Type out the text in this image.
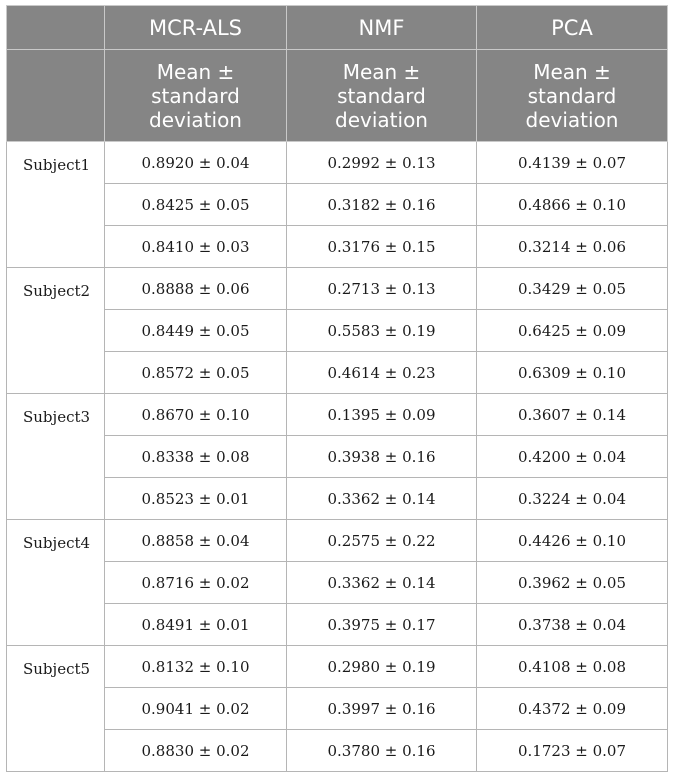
	MCR-ALS	NMF	PCA
	Mean ±
standard
deviation	Mean ±
standard
deviation	Mean ±
standard
deviation
Subject1	0.8920 ± 0.04	0.2992 ± 0.13	0.4139 ± 0.07
	0.8425 ± 0.05	0.3182 ± 0.16	0.4866 ± 0.10
	0.8410 ± 0.03	0.3176 ± 0.15	0.3214 ± 0.06
Subject2	0.8888 ± 0.06	0.2713 ± 0.13	0.3429 ± 0.05
	0.8449 ± 0.05	0.5583 ± 0.19	0.6425 ± 0.09
	0.8572 ± 0.05	0.4614 ± 0.23	0.6309 ± 0.10
Subject3	0.8670 ± 0.10	0.1395 ± 0.09	0.3607 ± 0.14
	0.8338 ± 0.08	0.3938 ± 0.16	0.4200 ± 0.04
	0.8523 ± 0.01	0.3362 ± 0.14	0.3224 ± 0.04
Subject4	0.8858 ± 0.04	0.2575 ± 0.22	0.4426 ± 0.10
	0.8716 ± 0.02	0.3362 ± 0.14	0.3962 ± 0.05
	0.8491 ± 0.01	0.3975 ± 0.17	0.3738 ± 0.04
Subject5	0.8132 ± 0.10	0.2980 ± 0.19	0.4108 ± 0.08
	0.9041 ± 0.02	0.3997 ± 0.16	0.4372 ± 0.09
	0.8830 ± 0.02	0.3780 ± 0.16	0.1723 ± 0.07
